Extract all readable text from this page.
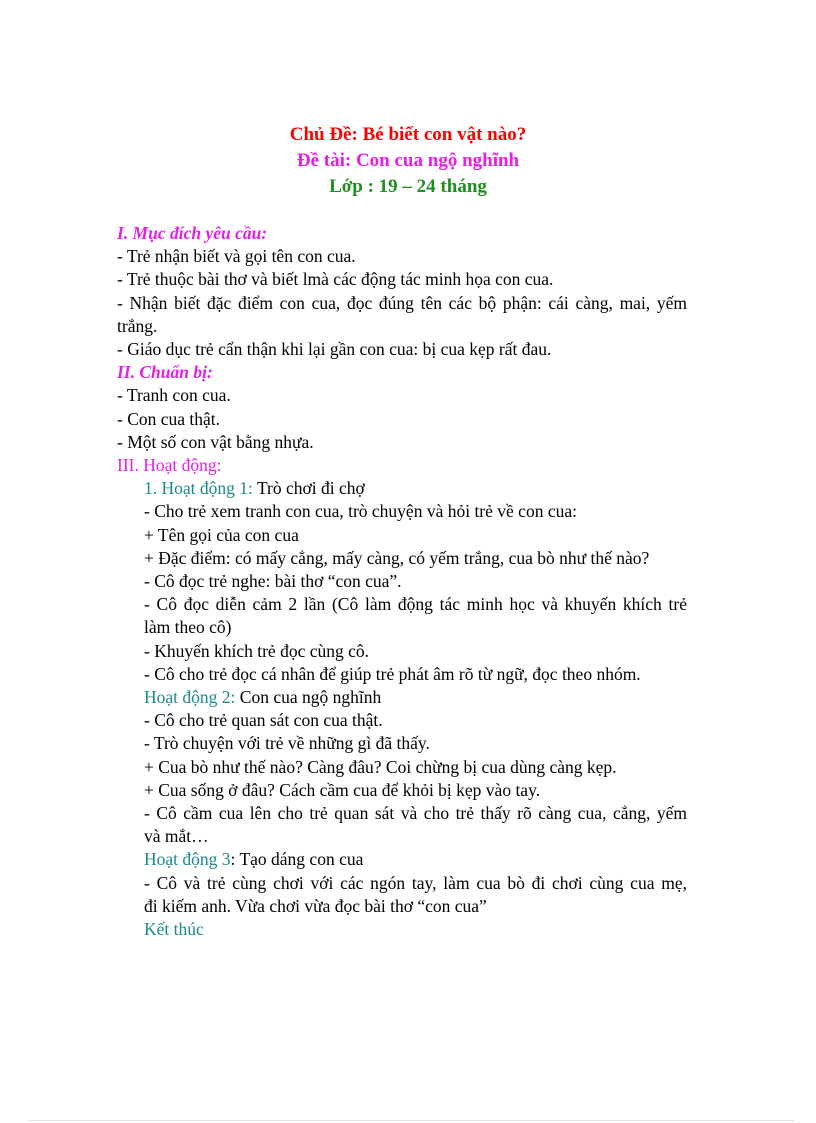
Chủ Đề: Bé biết con vật nào?
Đề tài: Con cua ngộ nghĩnh
Lớp : 19 – 24 tháng
I. Mục đích yêu cầu:
- Trẻ nhận biết và gọi tên con cua.
- Trẻ thuộc bài thơ và biết lmà các động tác minh họa con cua.
- Nhận biết đặc điểm con cua, đọc đúng tên các bộ phận: cái càng, mai, yếm
trắng.
- Giáo dục trẻ cẩn thận khi lại gần con cua: bị cua kẹp rất đau.
II. Chuẩn bị:
- Tranh con cua.
- Con cua thật.
- Một số con vật bằng nhựa.
III. Hoạt động:
1. Hoạt động 1: Trò chơi đi chợ
- Cho trẻ xem tranh con cua, trò chuyện và hỏi trẻ về con cua:
+ Tên gọi của con cua
+ Đặc điểm: có mấy cẳng, mấy càng, có yếm trắng, cua bò như thế nào?
- Cô đọc trẻ nghe: bài thơ “con cua”.
- Cô đọc diễn cảm 2 lần (Cô làm động tác minh học và khuyến khích trẻ
làm theo cô)
- Khuyến khích trẻ đọc cùng cô.
- Cô cho trẻ đọc cá nhân để giúp trẻ phát âm rõ từ ngữ, đọc theo nhóm.
Hoạt động 2: Con cua ngộ nghĩnh
- Cô cho trẻ quan sát con cua thật.
- Trò chuyện với trẻ về những gì đã thấy.
+ Cua bò như thế nào? Càng đâu? Coi chừng bị cua dùng càng kẹp.
+ Cua sống ở đâu? Cách cầm cua để khỏi bị kẹp vào tay.
- Cô cầm cua lên cho trẻ quan sát và cho trẻ thấy rõ càng cua, cẳng, yếm
và mắt…
Hoạt động 3: Tạo dáng con cua
- Cô và trẻ cùng chơi với các ngón tay, làm cua bò đi chơi cùng cua mẹ,
đi kiếm anh. Vừa chơi vừa đọc bài thơ “con cua”
Kết thúc
